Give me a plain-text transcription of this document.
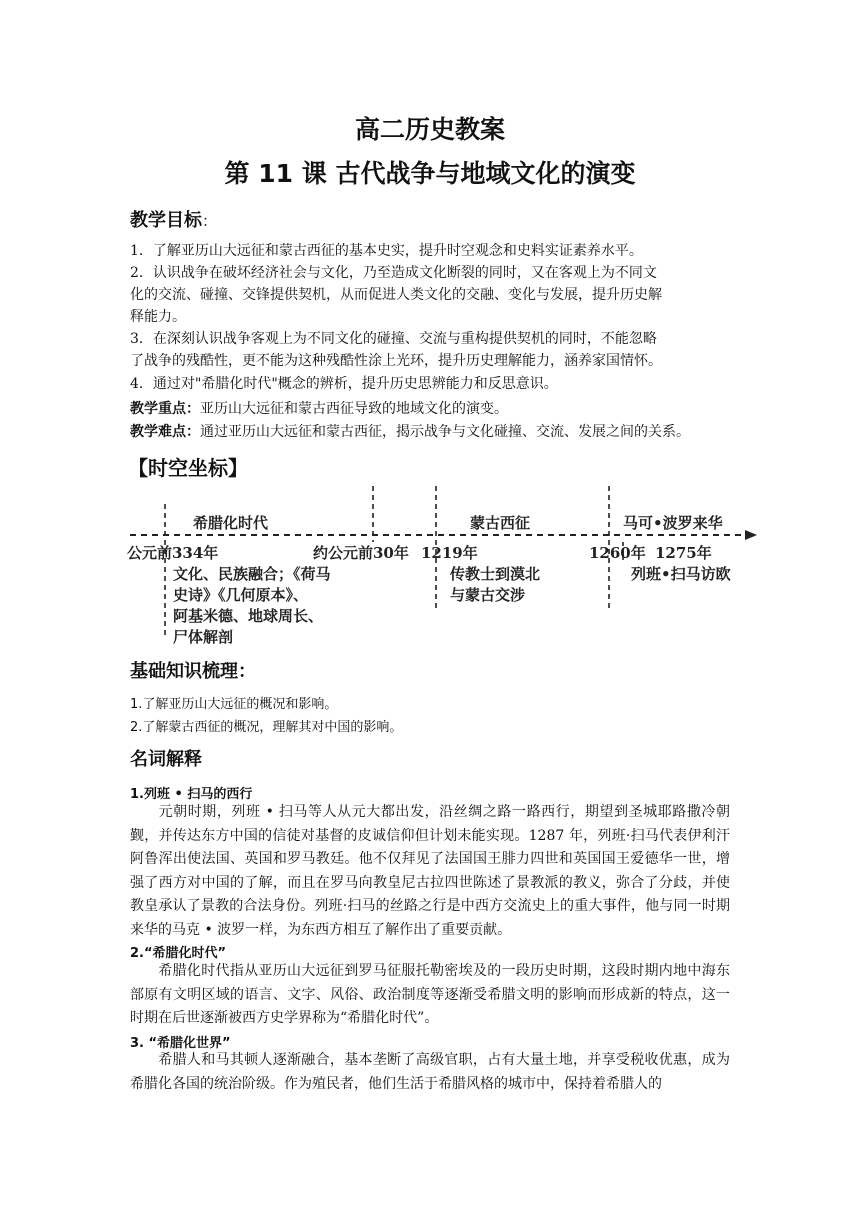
高二历史教案
第 11 课 古代战争与地域文化的演变
教学目标：
1．了解亚历山大远征和蒙古西征的基本史实，提升时空观念和史料实证素养水平。
2．认识战争在破坏经济社会与文化，乃至造成文化断裂的同时，又在客观上为不同文
化的交流、碰撞、交锋提供契机，从而促进人类文化的交融、变化与发展，提升历史解
释能力。
3．在深刻认识战争客观上为不同文化的碰撞、交流与重构提供契机的同时，不能忽略
了战争的残酷性，更不能为这种残酷性涂上光环，提升历史理解能力，涵养家国情怀。
4．通过对"希腊化时代"概念的辨析，提升历史思辨能力和反思意识。
教学重点：亚历山大远征和蒙古西征导致的地域文化的演变。
教学难点：通过亚历山大远征和蒙古西征，揭示战争与文化碰撞、交流、发展之间的关系。
【时空坐标】
希腊化时代	蒙古西征	马可•波罗来华
公元前334年	约公元前30年 1219年	1260年 1275年
文化、民族融合；《荷马
史诗》《几何原本》、
阿基米德、地球周长、
尸体解剖
传教士到漠北
与蒙古交涉
列班•扫马访欧
基础知识梳理：
1.了解亚历山大远征的概况和影响。
2.了解蒙古西征的概况，理解其对中国的影响。
名词解释
1.列班 • 扫马的西行
元朝时期，列班 • 扫马等人从元大都出发，沿丝绸之路一路西行，期望到圣城耶路撒冷朝觐，并传达东方中国的信徒对基督的皮诚信仰但计划未能实现。1287 年，列班·扫马代表伊利汗阿鲁浑出使法国、英国和罗马教廷。他不仅拜见了法国国王腓力四世和英国国王爱德华一世，增强了西方对中国的了解，而且在罗马向教皇尼古拉四世陈述了景教派的教义，弥合了分歧，并使教皇承认了景教的合法身份。列班·扫马的丝路之行是中西方交流史上的重大事件，他与同一时期来华的马克 • 波罗一样，为东西方相互了解作出了重要贡献。
2.“希腊化时代”
希腊化时代指从亚历山大远征到罗马征服托勒密埃及的一段历史时期，这段时期内地中海东部原有文明区域的语言、文字、风俗、政治制度等逐渐受希腊文明的影响而形成新的特点，这一时期在后世逐渐被西方史学界称为“希腊化时代”。
3. “希腊化世界”
希腊人和马其顿人逐渐融合，基本垄断了高级官职，占有大量土地，并享受税收优惠，成为希腊化各国的统治阶级。作为殖民者，他们生活于希腊风格的城市中，保持着希腊人的
